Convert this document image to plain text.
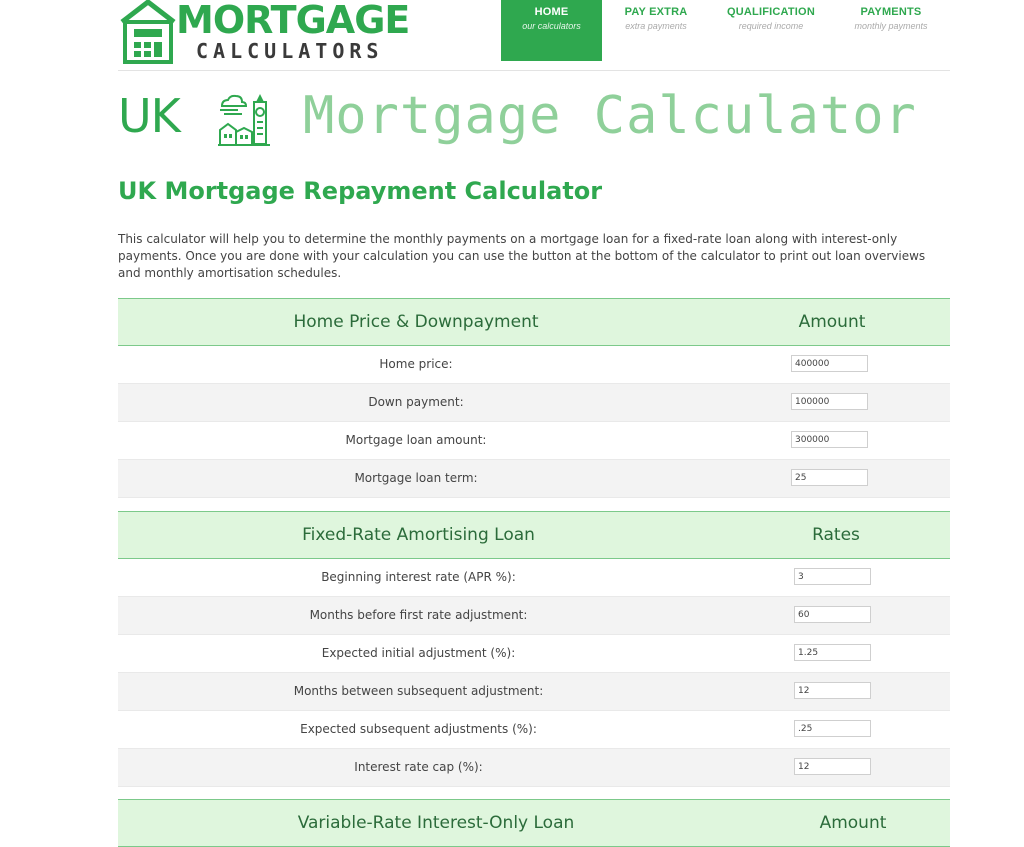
MORTGAGE
CALCULATORS
HOME
our calculators
PAY EXTRA
extra payments
QUALIFICATION
required income
PAYMENTS
monthly payments
UK Mortgage Calculator
UK Mortgage Repayment Calculator

This calculator will help you to determine the monthly payments on a mortgage loan for a fixed-rate loan along with interest-only payments. Once you are done with your calculation you can use the button at the bottom of the calculator to print out loan overviews and monthly amortisation schedules.

Home Price & Downpayment	Amount
Home price:
400000
Down payment:
100000
Mortgage loan amount:
300000
Mortgage loan term:
25
Fixed-Rate Amortising Loan	Rates
Beginning interest rate (APR %):
3
Months before first rate adjustment:
60
Expected initial adjustment (%):
1.25
Months between subsequent adjustment:
12
Expected subsequent adjustments (%):
.25
Interest rate cap (%):
12
Variable-Rate Interest-Only Loan	Amount
